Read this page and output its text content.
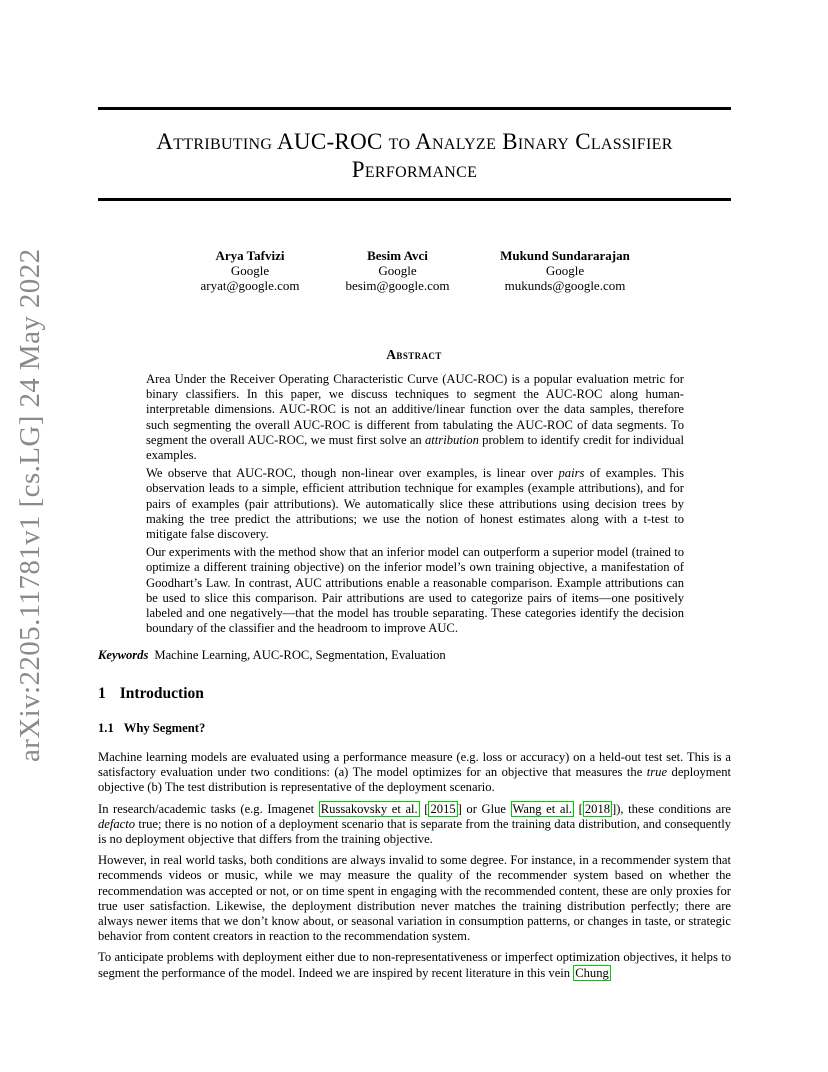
arXiv:2205.11781v1 [cs.LG] 24 May 2022
Attributing AUC-ROC to Analyze Binary Classifier
Performance
Arya Tafvizi
Google
aryat@google.com
Besim Avci
Google
besim@google.com
Mukund Sundararajan
Google
mukunds@google.com
Abstract

Area Under the Receiver Operating Characteristic Curve (AUC-ROC) is a popular evaluation metric for binary classifiers. In this paper, we discuss techniques to segment the AUC-ROC along human-interpretable dimensions. AUC-ROC is not an additive/linear function over the data samples, therefore such segmenting the overall AUC-ROC is different from tabulating the AUC-ROC of data segments. To segment the overall AUC-ROC, we must first solve an attribution problem to identify credit for individual examples.

We observe that AUC-ROC, though non-linear over examples, is linear over pairs of examples. This observation leads to a simple, efficient attribution technique for examples (example attributions), and for pairs of examples (pair attributions). We automatically slice these attributions using decision trees by making the tree predict the attributions; we use the notion of honest estimates along with a t-test to mitigate false discovery.

Our experiments with the method show that an inferior model can outperform a superior model (trained to optimize a different training objective) on the inferior model’s own training objective, a manifestation of Goodhart’s Law. In contrast, AUC attributions enable a reasonable comparison. Example attributions can be used to slice this comparison. Pair attributions are used to categorize pairs of items—one positively labeled and one negatively—that the model has trouble separating. These categories identify the decision boundary of the classifier and the headroom to improve AUC.

Keywords Machine Learning, AUC-ROC, Segmentation, Evaluation
1 Introduction
1.1 Why Segment?

Machine learning models are evaluated using a performance measure (e.g. loss or accuracy) on a held-out test set. This is a satisfactory evaluation under two conditions: (a) The model optimizes for an objective that measures the true deployment objective (b) The test distribution is representative of the deployment scenario.

In research/academic tasks (e.g. Imagenet Russakovsky et al. [ 2015 ] or Glue Wang et al. [ 2018 ]), these conditions are defacto true; there is no notion of a deployment scenario that is separate from the training data distribution, and consequently is no deployment objective that differs from the training objective.

However, in real world tasks, both conditions are always invalid to some degree. For instance, in a recommender system that recommends videos or music, while we may measure the quality of the recommender system based on whether the recommendation was accepted or not, or on time spent in engaging with the recommended content, these are only proxies for true user satisfaction. Likewise, the deployment distribution never matches the training distribution perfectly; there are always newer items that we don’t know about, or seasonal variation in consumption patterns, or changes in taste, or strategic behavior from content creators in reaction to the recommendation system.

To anticipate problems with deployment either due to non-representativeness or imperfect optimization objectives, it helps to segment the performance of the model. Indeed we are inspired by recent literature in this vein Chung
